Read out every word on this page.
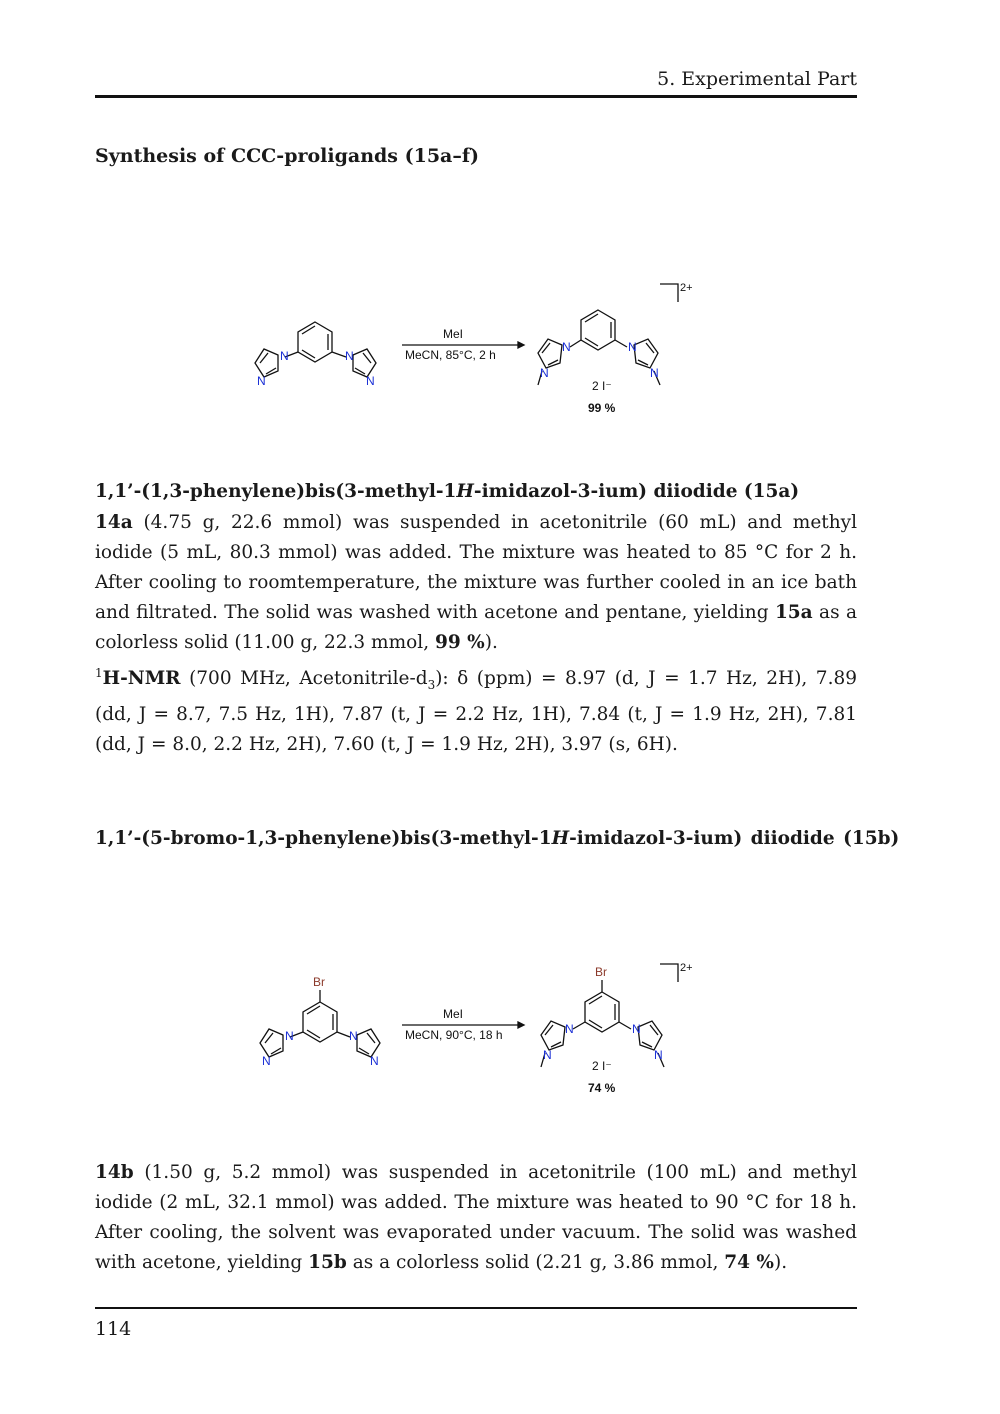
5. Experimental Part
Synthesis of CCC-proligands (15a–f)
N
N
N
N
N
N
N
N
MeI
MeCN, 85°C, 2 h
2+
2 I⁻
99 %
1,1’-(1,3-phenylene)bis(3-methyl-1H-imidazol-3-ium) diiodide (15a)
14a (4.75 g, 22.6 mmol) was suspended in acetonitrile (60 mL) and methyl iodide (5 mL, 80.3 mmol) was added. The mixture was heated to 85 °C for 2 h. After cooling to roomtemperature, the mixture was further cooled in an ice bath and filtrated. The solid was washed with acetone and pentane, yielding 15a as a colorless solid (11.00 g, 22.3 mmol, 99 %).
$^1$H-NMR (700 MHz, Acetonitrile-$d_3$): δ (ppm) = 8.97 (d, J = 1.7 Hz, 2H), 7.89 (dd, J = 8.7, 7.5 Hz, 1H), 7.87 (t, J = 2.2 Hz, 1H), 7.84 (t, J = 1.9 Hz, 2H), 7.81 (dd, J = 8.0, 2.2 Hz, 2H), 7.60 (t, J = 1.9 Hz, 2H), 3.97 (s, 6H).
1,1’-(5-bromo-1,3-phenylene)bis(3-methyl-1H-imidazol-3-ium) diiodide (15b)
N
N
N
N
N
N
N
N
Br
Br
MeI
MeCN, 90°C, 18 h
2+
2 I⁻
74 %
14b (1.50 g, 5.2 mmol) was suspended in acetonitrile (100 mL) and methyl iodide (2 mL, 32.1 mmol) was added. The mixture was heated to 90 °C for 18 h. After cooling, the solvent was evaporated under vacuum. The solid was washed with acetone, yielding 15b as a colorless solid (2.21 g, 3.86 mmol, 74 %).
114
